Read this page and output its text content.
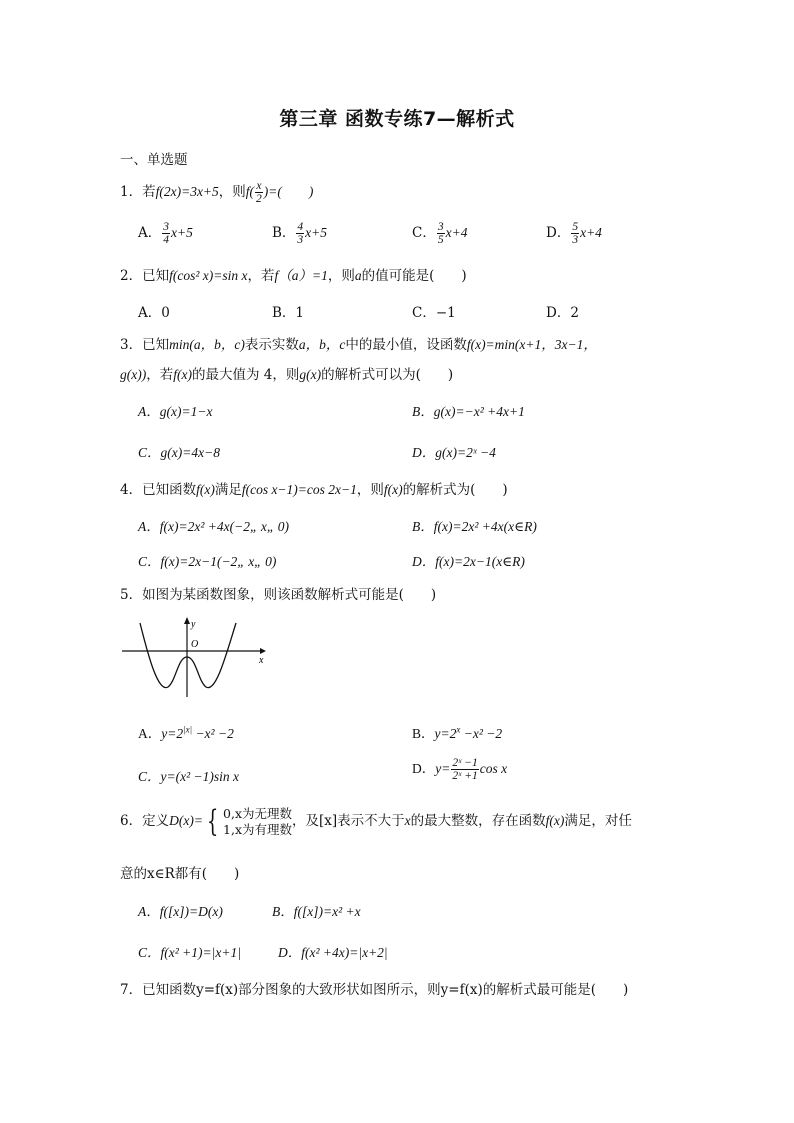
第三章 函数专练7—解析式
一、单选题
1．若f(2x)=3x+5，则$f( \frac{x}{2}$ )=(　　)
A． $\frac{3}{4} x+5$	B． $\frac{4}{3} x+5$	C． $\frac{3}{5} x+4$	D． $\frac{5}{3} x+4$
2．已知f(cos² x)=sin x，若f（a）=1，则a的值可能是(　　)
A．0	B．1	C．−1	D．2
3．已知min(a，b，c)表示实数a，b，c中的最小值，设函数f(x)=min(x+1，3x−1，
g(x))，若f(x)的最大值为 4，则g(x)的解析式可以为(　　)
A．g(x)=1−x	B．g(x)=−x² +4x+1
C．g(x)=4x−8	D．g(x)=2ˣ −4
4．已知函数f(x)满足f(cos x−1)=cos 2x−1，则f(x)的解析式为(　　)
A．f(x)=2x² +4x(−2„ x„ 0)	B．f(x)=2x² +4x(x∈R)
C．f(x)=2x−1(−2„ x„ 0)	D．f(x)=2x−1(x∈R)
5．如图为某函数图象，则该函数解析式可能是(　　)
y
x
O
A．$y=2^{|x|} -x^2 -2$	B．$y=2^x -x^2 -2$
C．y=(x² −1)sin x
D．$y= \frac{\text{2ˣ −1}}{\text{2ˣ +1}}$ cos x
6．定义D(x)= { 0,x为无理数
1,x为有理数 ，及[x]表示不大于x的最大整数，存在函数f(x)满足，对任
意的x∈R都有(　　)
A．f([x])=D(x)	B．f([x])=x² +x
C．f(x² +1)=|x+1|	D．f(x² +4x)=|x+2|
7．已知函数y=f(x)部分图象的大致形状如图所示，则y=f(x)的解析式最可能是(　　)
